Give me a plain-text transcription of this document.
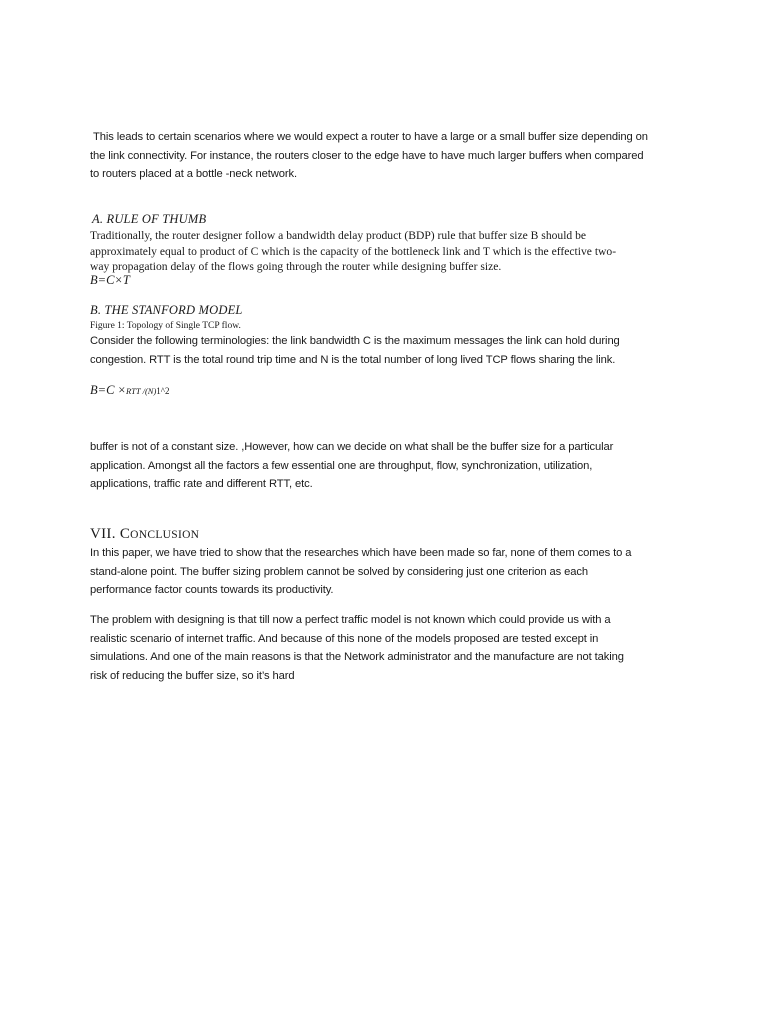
This leads to certain scenarios where we would expect a router to have a large or a small buffer size depending on
the link connectivity. For instance, the routers closer to the edge have to have much larger buffers when compared
to routers placed at a bottle -neck network.
A. RULE OF THUMB
Traditionally, the router designer follow a bandwidth delay product (BDP) rule that buffer size B should be
approximately equal to product of C which is the capacity of the bottleneck link and T which is the effective two-
way propagation delay of the flows going through the router while designing buffer size.
B=C×T
B. THE STANFORD MODEL
Figure 1: Topology of Single TCP flow.
Consider the following terminologies: the link bandwidth C is the maximum messages the link can hold during
congestion. RTT is the total round trip time and N is the total number of long lived TCP flows sharing the link.
B=C ×RTT /(N)1^2
buffer is not of a constant size. ,However, how can we decide on what shall be the buffer size for a particular
application. Amongst all the factors a few essential one are throughput, flow, synchronization, utilization,
applications, traffic rate and different RTT, etc.
VII. CONCLUSION
In this paper, we have tried to show that the researches which have been made so far, none of them comes to a
stand-alone point. The buffer sizing problem cannot be solved by considering just one criterion as each
performance factor counts towards its productivity.
The problem with designing is that till now a perfect traffic model is not known which could provide us with a
realistic scenario of internet traffic. And because of this none of the models proposed are tested except in
simulations. And one of the main reasons is that the Network administrator and the manufacture are not taking
risk of reducing the buffer size, so it’s hard
